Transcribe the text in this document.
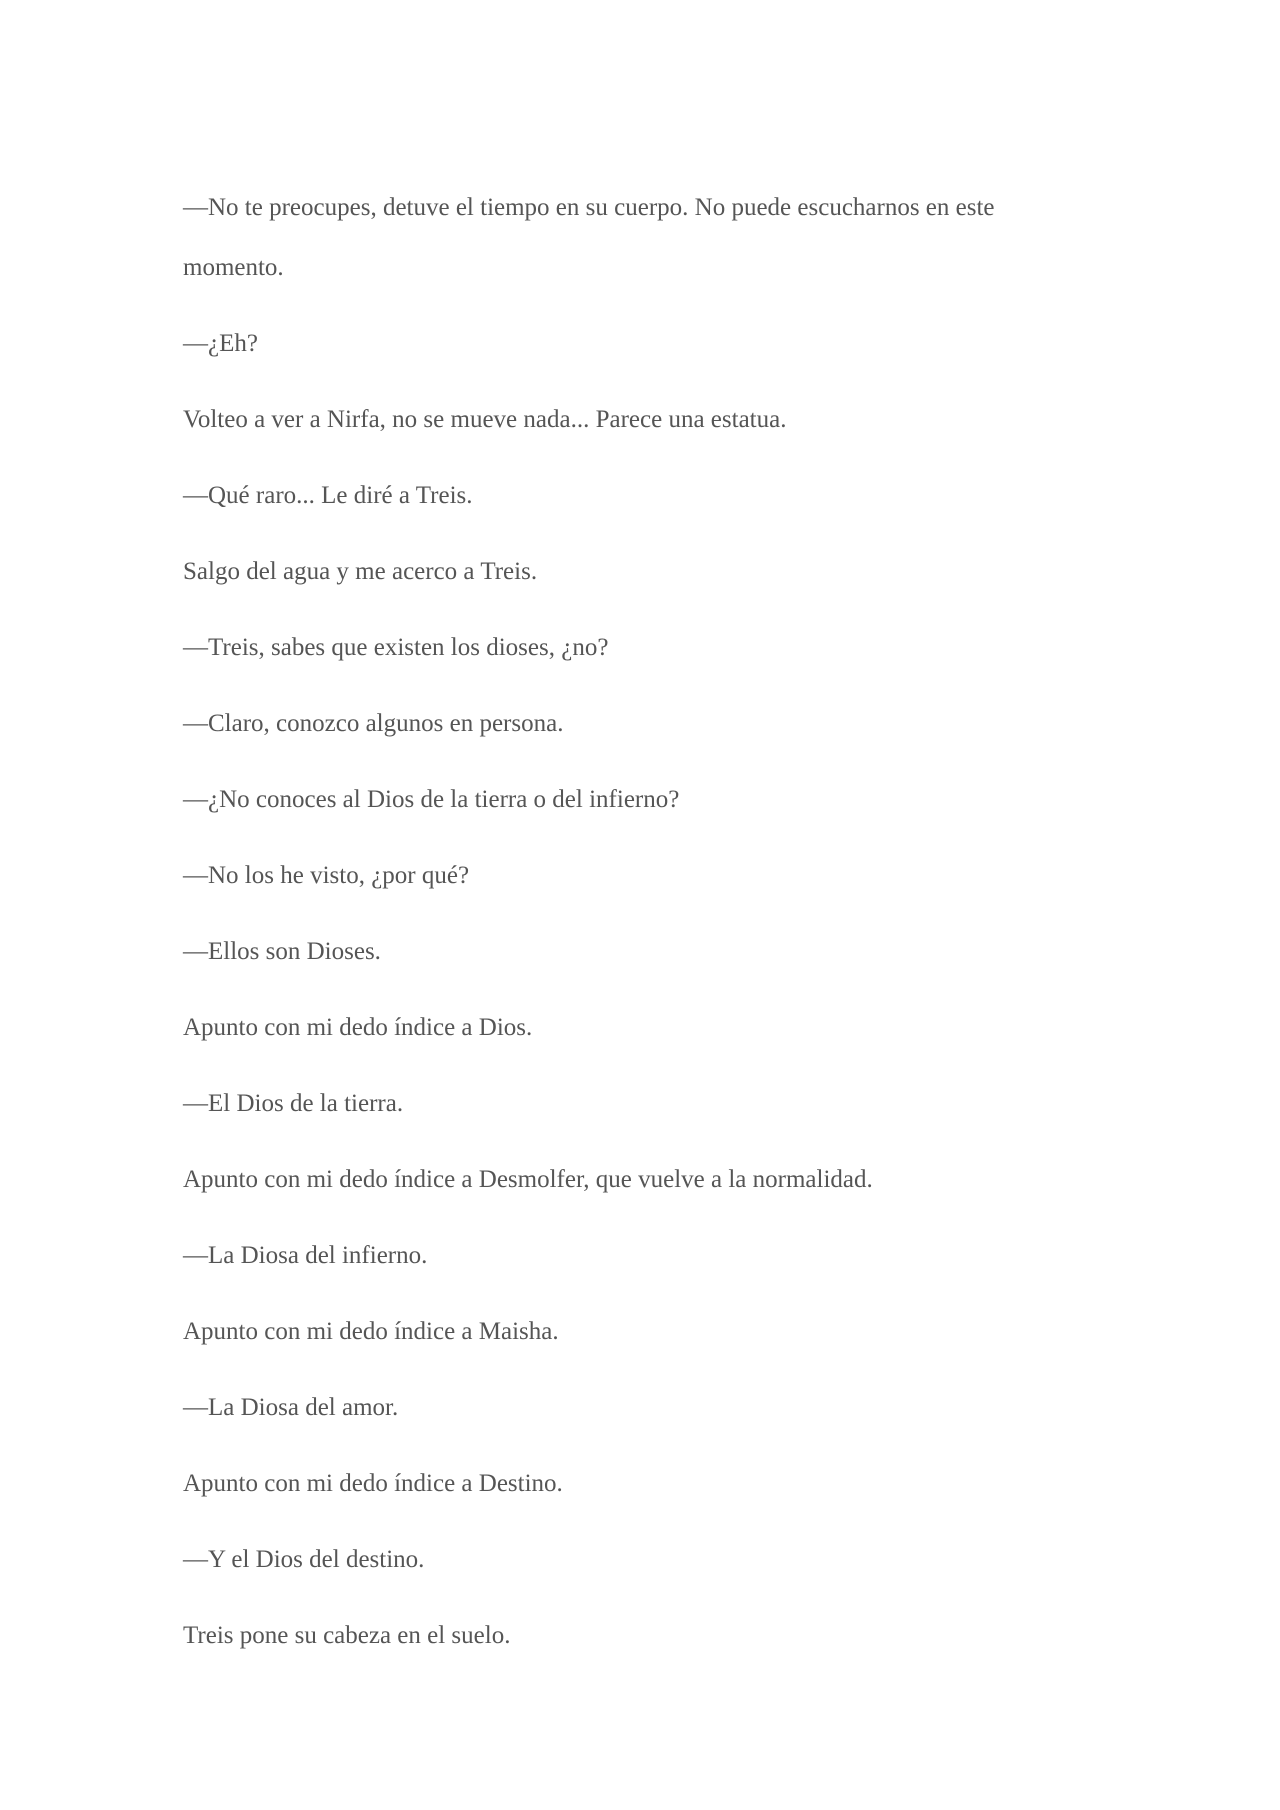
—No te preocupes, detuve el tiempo en su cuerpo. No puede escucharnos en este momento.

—¿Eh?

Volteo a ver a Nirfa, no se mueve nada... Parece una estatua.

—Qué raro... Le diré a Treis.

Salgo del agua y me acerco a Treis.

—Treis, sabes que existen los dioses, ¿no?

—Claro, conozco algunos en persona.

—¿No conoces al Dios de la tierra o del infierno?

—No los he visto, ¿por qué?

—Ellos son Dioses.

Apunto con mi dedo índice a Dios.

—El Dios de la tierra.

Apunto con mi dedo índice a Desmolfer, que vuelve a la normalidad.

—La Diosa del infierno.

Apunto con mi dedo índice a Maisha.

—La Diosa del amor.

Apunto con mi dedo índice a Destino.

—Y el Dios del destino.

Treis pone su cabeza en el suelo.
